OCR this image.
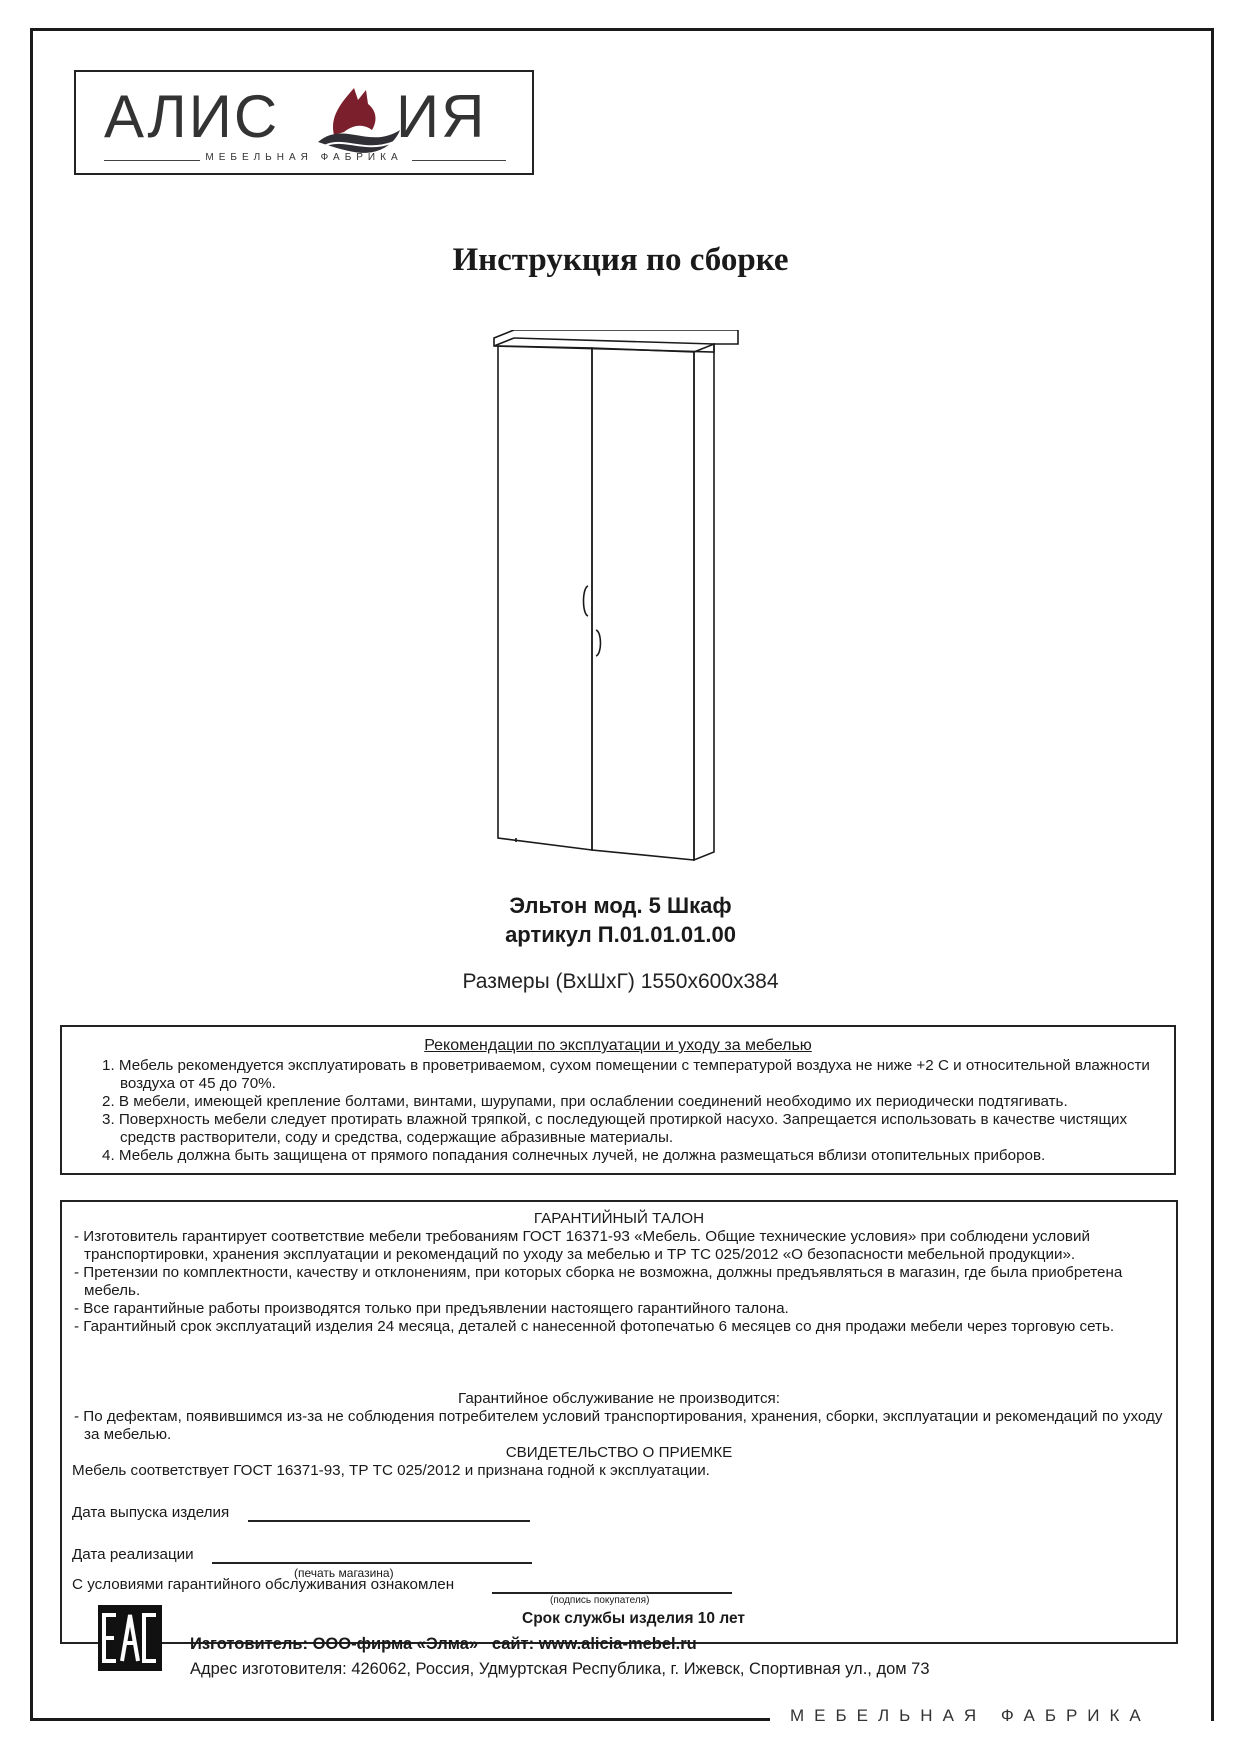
МЕБЕЛЬНАЯ ФАБРИКА
АЛИС ИЯ
МЕБЕЛЬНАЯ ФАБРИКА
Инструкция по сборке
Эльтон мод. 5 Шкаф
артикул П.01.01.01.00
Размеры (ВхШхГ) 1550х600х384
Рекомендации по эксплуатации и уходу за мебелью

1. Мебель рекомендуется эксплуатировать в проветриваемом, сухом помещении с температурой воздуха не ниже +2 С и относительной влажности воздуха от 45 до 70%.

2. В мебели, имеющей крепление болтами, винтами, шурупами, при ослаблении соединений необходимо их периодически подтягивать.

3. Поверхность мебели следует протирать влажной тряпкой, с последующей протиркой насухо. Запрещается использовать в качестве чистящих средств растворители, соду и средства, содержащие абразивные материалы.

4. Мебель должна быть защищена от прямого попадания солнечных лучей, не должна размещаться вблизи отопительных приборов.

ГАРАНТИЙНЫЙ ТАЛОН

- Изготовитель гарантирует соответствие мебели требованиям ГОСТ 16371-93 «Мебель. Общие технические условия» при соблюдени условий транспортировки, хранения эксплуатации и рекомендаций по уходу за мебелью и ТР ТС 025/2012 «О безопасности мебельной продукции».

- Претензии по комплектности, качеству и отклонениям, при которых сборка не возможна, должны предъявляться в магазин, где была приобретена мебель.

- Все гарантийные работы производятся только при предъявлении настоящего гарантийного талона.

- Гарантийный срок эксплуатаций изделия 24 месяца, деталей с нанесенной фотопечатью 6 месяцев со дня продажи мебели через торговую сеть.

Гарантийное обслуживание не производится:

- По дефектам, появившимся из-за не соблюдения потребителем условий транспортирования, хранения, сборки, эксплуатации и рекомендаций по уходу за мебелью.

СВИДЕТЕЛЬСТВО О ПРИЕМКЕ
Мебель соответствует ГОСТ 16371-93, ТР ТС 025/2012 и признана годной к эксплуатации.
Дата выпуска изделия
Дата реализации
(печать магазина)
С условиями гарантийного обслуживания ознакомлен
(подпись покупателя)
Срок службы изделия 10 лет
Изготовитель: ООО-фирма «Элма»   сайт: www.alicia-mebel.ru
Адрес изготовителя: 426062, Россия, Удмуртская Республика, г. Ижевск, Спортивная ул., дом 73
